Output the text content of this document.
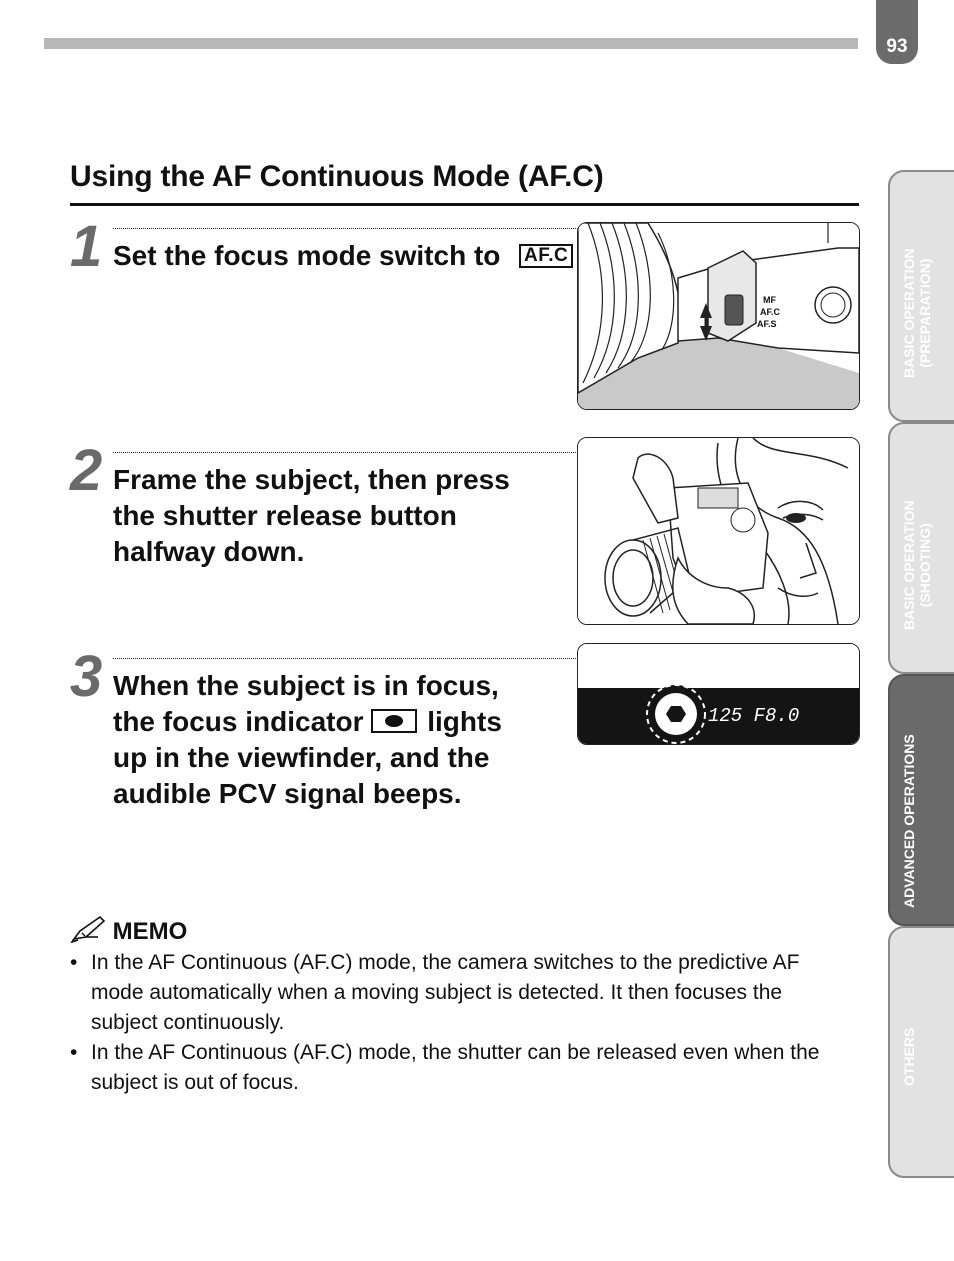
93
Using the AF Continuous Mode (AF.C)
1 Set the focus mode switch to AF.C

MF
AF.C
AF.S
2 Frame the subject, then press the shutter release button halfway down.

3 When the subject is in focus, the focus indicator lights up in the viewfinder, and the audible PCV signal beeps.

125 F8.0
MEMO
• In the AF Continuous (AF.C) mode, the camera switches to the predictive AF mode automatically when a moving subject is detected. It then focuses the subject continuously.
• In the AF Continuous (AF.C) mode, the shutter can be released even when the subject is out of focus.
BASIC OPERATION
(PREPARATION)
BASIC OPERATION
(SHOOTING)
ADVANCED OPERATIONS
OTHERS
